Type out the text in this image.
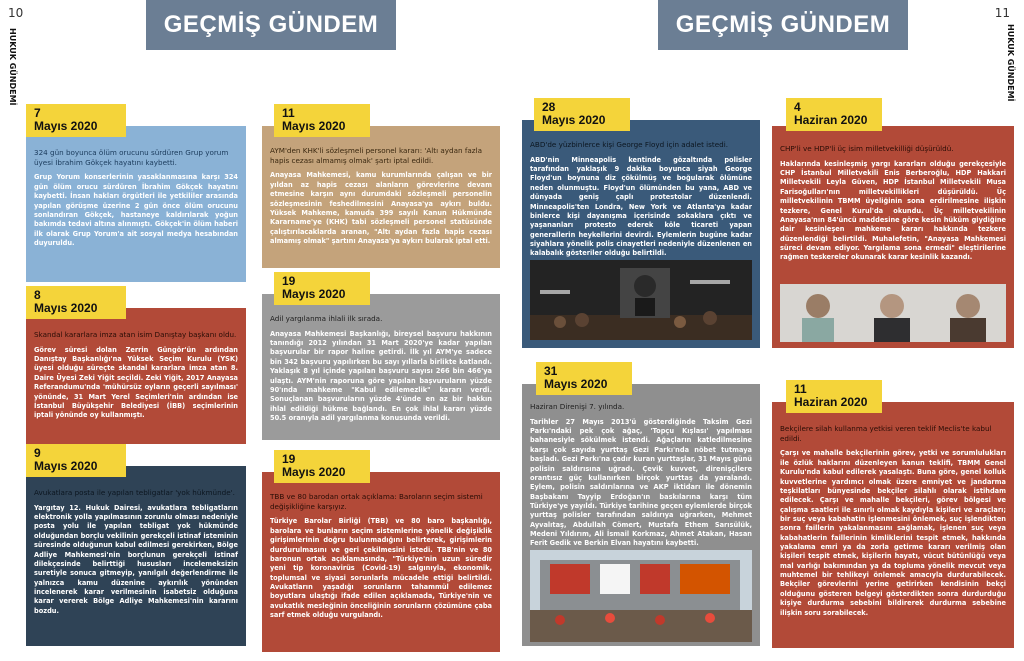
10
HUKUK GÜNDEMİ
GEÇMİŞ GÜNDEM
7
Mayıs 2020
324 gün boyunca ölüm orucunu sürdüren Grup yorum üyesi İbrahim Gökçek hayatını kaybetti.
Grup Yorum konserlerinin yasaklanmasına karşı 324 gün ölüm orucu sürdüren İbrahim Gökçek hayatını kaybetti. İnsan hakları örgütleri ile yetkililer arasında yapılan görüşme üzerine 2 gün önce ölüm orucunu sonlandıran Gökçek, hastaneye kaldırılarak yoğun bakımda tedavi altına alınmıştı. Gökçek'in ölüm haberi ilk olarak Grup Yorum'a ait sosyal medya hesabından duyuruldu.
11
Mayıs 2020
AYM'den KHK'li sözleşmeli personel kararı: 'Altı aydan fazla hapis cezası almamış olmak' şartı iptal edildi.
Anayasa Mahkemesi, kamu kurumlarında çalışan ve bir yıldan az hapis cezası alanların görevlerine devam etmesine karşın aynı durumdaki sözleşmeli personelin sözleşmesinin feshedilmesini Anayasa'ya aykırı buldu. Yüksek Mahkeme, kamuda 399 sayılı Kanun Hükmünde Kararname'ye (KHK) tabi sözleşmeli personel statüsünde çalıştırılacaklarda aranan, "Altı aydan fazla hapis cezası almamış olmak" şartını Anayasa'ya aykırı bularak iptal etti.
8
Mayıs 2020
Skandal kararlara imza atan isim Danıştay başkanı oldu.
Görev süresi dolan Zerrin Güngör'ün ardından Danıştay Başkanlığı'na Yüksek Seçim Kurulu (YSK) üyesi olduğu süreçte skandal kararlara imza atan 8. Daire Üyesi Zeki Yiğit seçildi. Zeki Yiğit, 2017 Anayasa Referandumu'nda 'mühürsüz oyların geçerli sayılması' yönünde, 31 Mart Yerel Seçimleri'nin ardından ise İstanbul Büyükşehir Belediyesi (İBB) seçimlerinin iptali yönünde oy kullanmıştı.
19
Mayıs 2020
Adil yargılanma ihlali ilk sırada.
Anayasa Mahkemesi Başkanlığı, bireysel başvuru hakkının tanındığı 2012 yılından 31 Mart 2020'ye kadar yapılan başvurular bir rapor haline getirdi. İlk yıl AYM'ye sadece bin 342 başvuru yapılırken bu sayı yıllarla birlikte katlandı. Yaklaşık 8 yıl içinde yapılan başvuru sayısı 266 bin 466'ya ulaştı. AYM'nin raporuna göre yapılan başvuruların yüzde 90'ında mahkeme "Kabul edilemezlik" kararı verdi. Sonuçlanan başvuruların yüzde 4'ünde en az bir hakkın ihlal edildiği hükme bağlandı. En çok ihlal kararı yüzde 50.5 oranıyla adil yargılanma konusunda verildi.
9
Mayıs 2020
Avukatlara posta ile yapılan tebligatlar 'yok hükmünde'.
Yargıtay 12. Hukuk Dairesi, avukatlara tebligatların elektronik yolla yapılmasının zorunlu olması nedeniyle posta yolu ile yapılan tebligat yok hükmünde olduğundan borçlu vekilinin gerekçeli istinaf isteminin süresinde olduğunun kabul edilmesi gerekirken, Bölge Adliye Mahkemesi'nin borçlunun gerekçeli istinaf dilekçesinde belirttiği hususları incelemeksizin suretiyle sonuca gitmeyip, yanılgılı değerlendirme ile yalnızca kamu düzenine aykırılık yönünden incelenerek karar verilmesinin isabetsiz olduğuna karar vererek Bölge Adliye Mahkemesi'nin kararını bozdu.
19
Mayıs 2020
TBB ve 80 barodan ortak açıklama: Baroların seçim sistemi değişikliğine karşıyız.
Türkiye Barolar Birliği (TBB) ve 80 baro başkanlığı, barolara ve bunların seçim sistemlerine yönelik değişiklik girişimlerinin doğru bulunmadığını belirterek, girişimlerin durdurulmasını ve geri çekilmesini istedi. TBB'nin ve 80 baronun ortak açıklamasında, "Türkiye'nin uzun süredir yeni tip koronavirüs (Covid-19) salgınıyla, ekonomik, toplumsal ve siyasi sorunlarla mücadele ettiği belirtildi. Avukatların yaşadığı sorunların tahammül edilemez boyutlara ulaştığı ifade edilen açıklamada, Türkiye'nin ve avukatlık mesleğinin önceliğinin sorunların çözümüne çaba sarf etmek olduğu vurgulandı.
11
HUKUK GÜNDEMİ
GEÇMİŞ GÜNDEM
28
Mayıs 2020
ABD'de yüzbinlerce kişi George Floyd için adalet istedi.
ABD'nin Minneapolis kentinde gözaltında polisler tarafından yaklaşık 9 dakika boyunca siyah George Floyd'un boynuna diz çökülmüş ve boğularak ölümüne neden olunmuştu. Floyd'un ölümünden bu yana, ABD ve dünyada geniş çaplı protestolar düzenlendi. Minneapolis'ten Londra, New York ve Atlanta'ya kadar binlerce kişi dayanışma içerisinde sokaklara çıktı ve yaşananları protesto ederek köle ticareti yapan generallerin heykellerini devirdi. Eylemlerin bugüne kadar siyahlara yönelik polis cinayetleri nedeniyle düzenlenen en kalabalık gösteriler olduğu belirtildi.
4
Haziran 2020
CHP'li ve HDP'li üç isim milletvekilliği düşürüldü.
Haklarında kesinleşmiş yargı kararları olduğu gerekçesiyle CHP İstanbul Milletvekili Enis Berberoğlu, HDP Hakkari Milletvekili Leyla Güven, HDP İstanbul Milletvekili Musa Farisoğulları'nın milletvekillikleri düşürüldü. Üç milletvekilinin TBMM üyeliğinin sona erdirilmesine ilişkin tezkere, Genel Kurul'da okundu. Üç milletvekilinin Anayasa'nın 84'üncü maddesine göre kesin hüküm giydiğine dair kesinleşen mahkeme kararı hakkında tezkere düzenlendiği belirtildi. Muhalefetin, "Anayasa Mahkemesi süreci devam ediyor. Yargılama sona ermedi" eleştirilerine rağmen teskereler okunarak karar kesinlik kazandı.
31
Mayıs 2020
Haziran Direnişi 7. yılında.
Tarihler 27 Mayıs 2013'ü gösterdiğinde Taksim Gezi Parkı'ndaki pek çok ağaç, 'Topçu Kışlası' yapılması bahanesiyle sökülmek istendi. Ağaçların katledilmesine karşı çok sayıda yurttaş Gezi Parkı'nda nöbet tutmaya başladı. Gezi Parkı'na çadır kuran yurttaşlar, 31 Mayıs günü polisin saldırısına uğradı. Çevik kuvvet, direnişçilere orantısız güç kullanırken birçok yurttaş da yaralandı. Eylem, polisin saldırılarına ve AKP iktidarı ile dönemin Başbakanı Tayyip Erdoğan'ın baskılarına karşı tüm Türkiye'ye yayıldı. Türkiye tarihine geçen eylemlerde birçok yurttaş polisler tarafından saldırıya uğrarken, Mehmet Ayvalıtaş, Abdullah Cömert, Mustafa Ethem Sarısülük, Medeni Yıldırım, Ali İsmail Korkmaz, Ahmet Atakan, Hasan Ferit Gedik ve Berkin Elvan hayatını kaybetti.
11
Haziran 2020
Bekçilere silah kullanma yetkisi veren teklif Meclis'te kabul edildi.
Çarşı ve mahalle bekçilerinin görev, yetki ve sorumlulukları ile özlük haklarını düzenleyen kanun teklifi, TBMM Genel Kurulu'nda kabul edilerek yasalaştı. Buna göre, genel kolluk kuvvetlerine yardımcı olmak üzere emniyet ve jandarma teşkilatları bünyesinde bekçiler silahlı olarak istihdam edilecek. Çarşı ve mahalle bekçileri, görev bölgesi ve çalışma saatleri ile sınırlı olmak kaydıyla kişileri ve araçları; bir suç veya kabahatin işlenmesini önlemek, suç işlendikten sonra faillerin yakalanmasını sağlamak, işlenen suç veya kabahatlerin faillerinin kimliklerini tespit etmek, hakkında yakalama emri ya da zorla getirme kararı verilmiş olan kişileri tespit etmek, kişilerin hayatı, vücut bütünlüğü veya mal varlığı bakımından ya da topluma yönelik mevcut veya muhtemel bir tehlikeyi önlemek amacıyla durdurabilecek. Bekçiler görevlerini yerine getirirken kendisinin bekçi olduğunu gösteren belgeyi gösterdikten sonra durdurduğu kişiye durdurma sebebini bildirerek durdurma sebebine ilişkin soru sorabilecek.
